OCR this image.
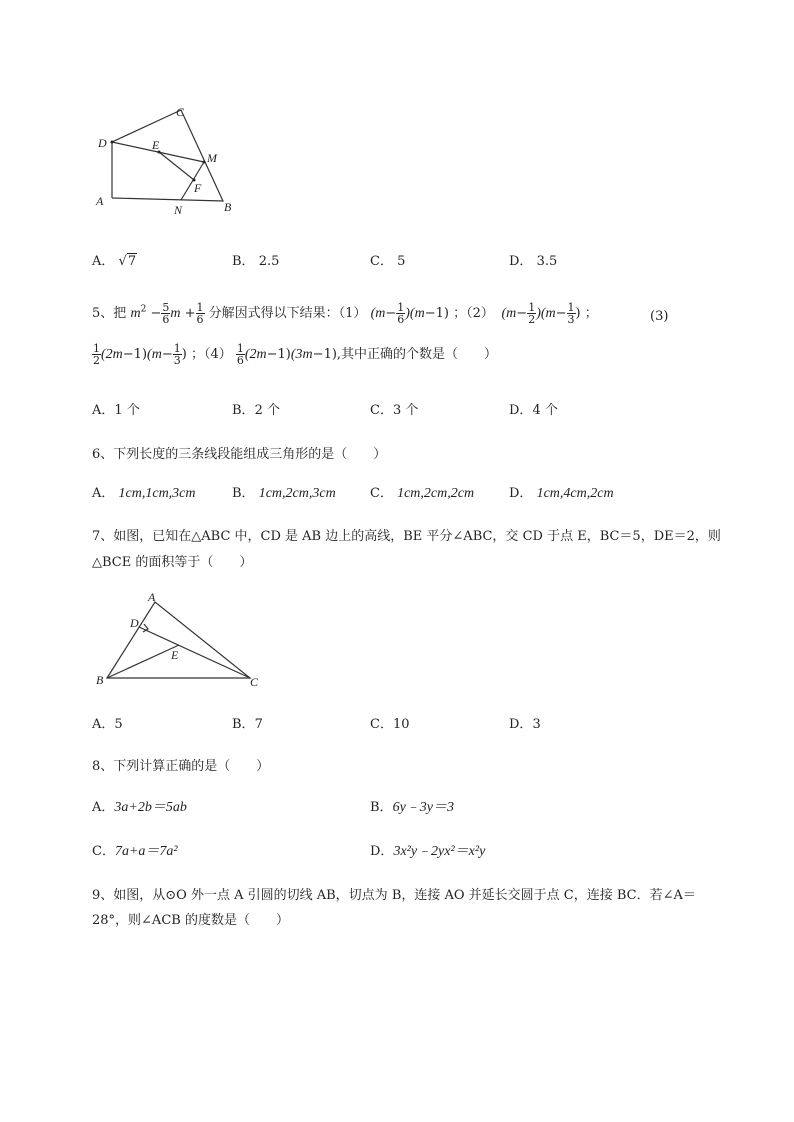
C
D	E
M
F
A
N	B
A． √7	B． 2.5	C． 5	D． 3.5
5、把 $m^2 - \frac{5}{6}$ $m + \frac{1}{6}$ 分解因式得以下结果：（1） $(m- \frac{1}{6} )(m-1)$ ；（2）  $(m- \frac{1}{2} )(m- \frac{1}{3}$ ) ；	(3)
$\frac{1}{2} (2m-1)(m- \frac{1}{3}$ ) ；$(4) \frac{1}{6} (2m-1)(3m-1)$,其中正确的个数是（　　）
A．1 个	B．2 个	C．3 个	D．4 个
6、下列长度的三条线段能组成三角形的是（　　）
A． 1cm,1cm,3cm	B． 1cm,2cm,3cm	C． 1cm,2cm,2cm	D． 1cm,4cm,2cm
7、如图，已知在△ABC 中，CD 是 AB 边上的高线，BE 平分∠ABC，交 CD 于点 E，BC＝5，DE＝2，则
△BCE 的面积等于（　　）
A
D
E
B	C
A．5	B．7	C．10	D．3
8、下列计算正确的是（　　）
A．3a+2b＝5ab	B．6y﹣3y＝3
C．7a+a＝7a²	D．3x²y﹣2yx²＝x²y
9、如图，从⊙O 外一点 A 引圆的切线 AB，切点为 B，连接 AO 并延长交圆于点 C，连接 BC．若∠A＝
28°，则∠ACB 的度数是（　　）
